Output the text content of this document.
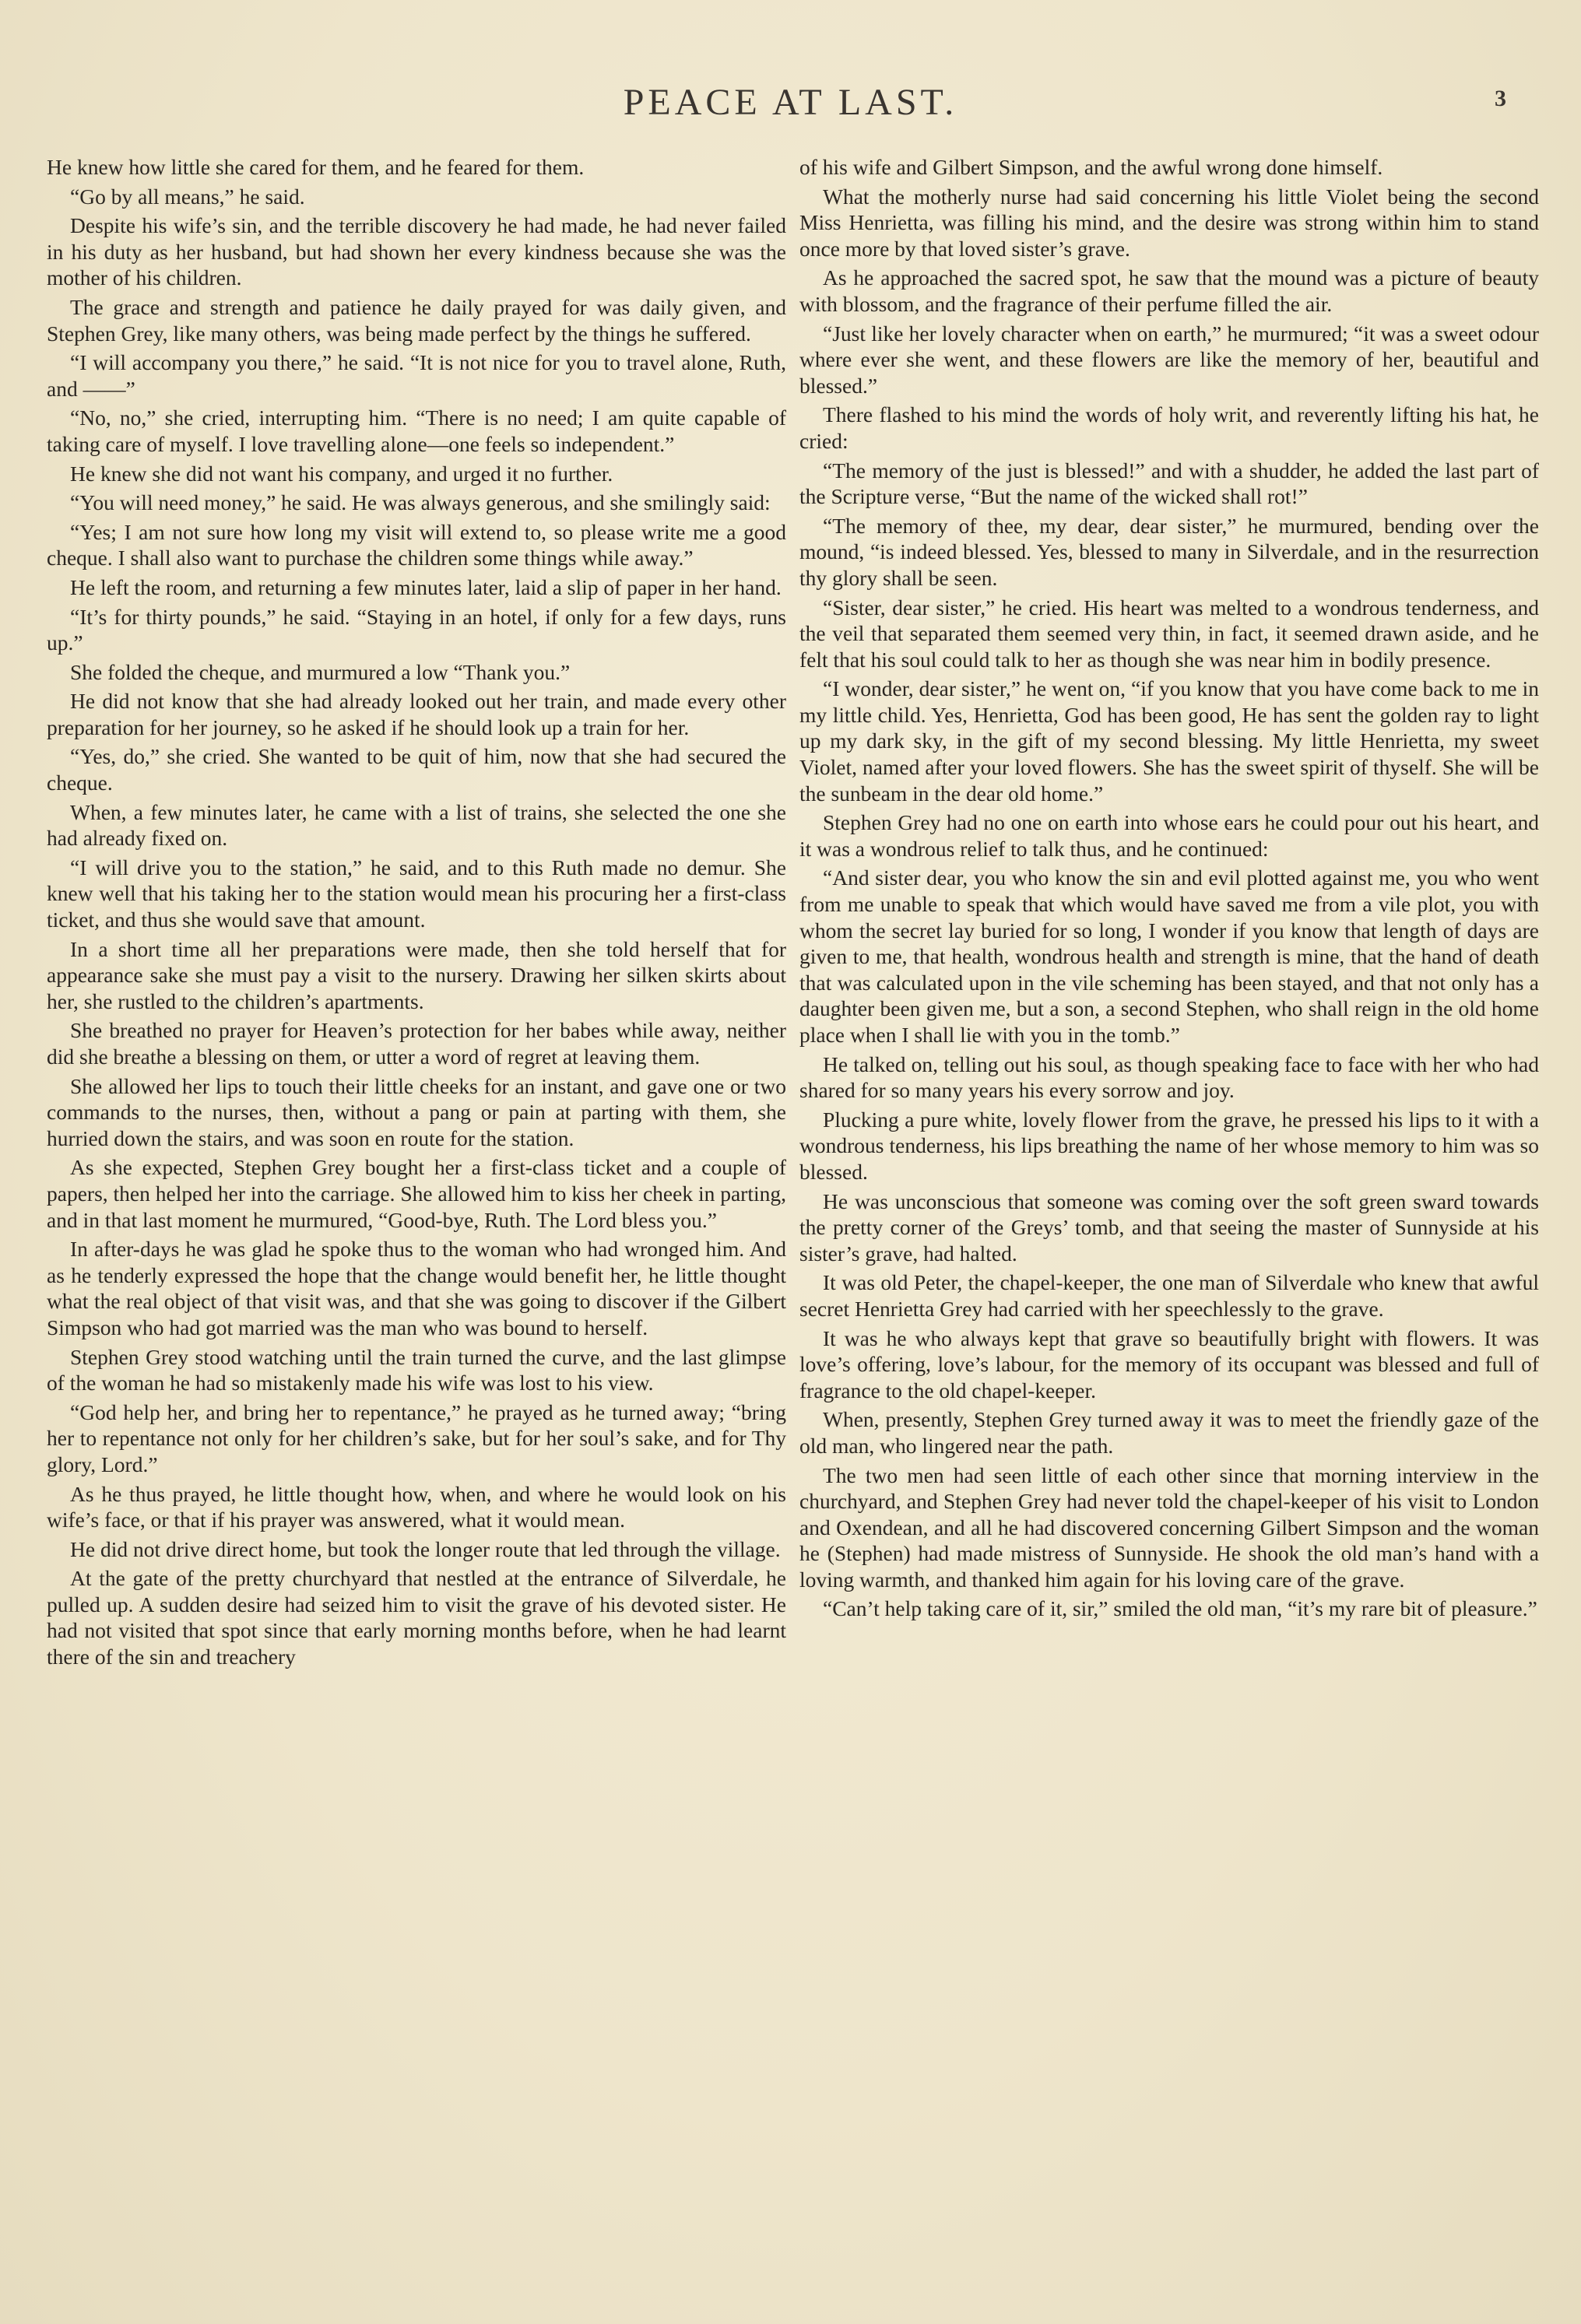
PEACE AT LAST.	3

He knew how little she cared for them, and he feared for them.

“Go by all means,” he said.

Despite his wife’s sin, and the terrible discovery he had made, he had never failed in his duty as her husband, but had shown her every kindness because she was the mother of his children.

The grace and strength and patience he daily prayed for was daily given, and Stephen Grey, like many others, was being made perfect by the things he suffered.

“I will accompany you there,” he said. “It is not nice for you to travel alone, Ruth, and ——”

“No, no,” she cried, interrupting him. “There is no need; I am quite capable of taking care of myself. I love travelling alone—one feels so independent.”

He knew she did not want his company, and urged it no further.

“You will need money,” he said. He was always generous, and she smilingly said:

“Yes; I am not sure how long my visit will extend to, so please write me a good cheque. I shall also want to purchase the children some things while away.”

He left the room, and returning a few minutes later, laid a slip of paper in her hand.

“It’s for thirty pounds,” he said. “Staying in an hotel, if only for a few days, runs up.”

She folded the cheque, and murmured a low “Thank you.”

He did not know that she had already looked out her train, and made every other preparation for her journey, so he asked if he should look up a train for her.

“Yes, do,” she cried. She wanted to be quit of him, now that she had secured the cheque.

When, a few minutes later, he came with a list of trains, she selected the one she had already fixed on.

“I will drive you to the station,” he said, and to this Ruth made no demur. She knew well that his taking her to the station would mean his procuring her a first-class ticket, and thus she would save that amount.

In a short time all her preparations were made, then she told herself that for appearance sake she must pay a visit to the nursery. Drawing her silken skirts about her, she rustled to the children’s apartments.

She breathed no prayer for Heaven’s protection for her babes while away, neither did she breathe a blessing on them, or utter a word of regret at leaving them.

She allowed her lips to touch their little cheeks for an instant, and gave one or two commands to the nurses, then, without a pang or pain at parting with them, she hurried down the stairs, and was soon en route for the station.

As she expected, Stephen Grey bought her a first-class ticket and a couple of papers, then helped her into the carriage. She allowed him to kiss her cheek in parting, and in that last moment he murmured, “Good-bye, Ruth. The Lord bless you.”

In after-days he was glad he spoke thus to the woman who had wronged him. And as he tenderly expressed the hope that the change would benefit her, he little thought what the real object of that visit was, and that she was going to discover if the Gilbert Simpson who had got married was the man who was bound to herself.

Stephen Grey stood watching until the train turned the curve, and the last glimpse of the woman he had so mistakenly made his wife was lost to his view.

“God help her, and bring her to repentance,” he prayed as he turned away; “bring her to repentance not only for her children’s sake, but for her soul’s sake, and for Thy glory, Lord.”

As he thus prayed, he little thought how, when, and where he would look on his wife’s face, or that if his prayer was answered, what it would mean.

He did not drive direct home, but took the longer route that led through the village.

At the gate of the pretty churchyard that nestled at the entrance of Silverdale, he pulled up. A sudden desire had seized him to visit the grave of his devoted sister. He had not visited that spot since that early morning months before, when he had learnt there of the sin and treachery

of his wife and Gilbert Simpson, and the awful wrong done himself.

What the motherly nurse had said concerning his little Violet being the second Miss Henrietta, was filling his mind, and the desire was strong within him to stand once more by that loved sister’s grave.

As he approached the sacred spot, he saw that the mound was a picture of beauty with blossom, and the fragrance of their perfume filled the air.

“Just like her lovely character when on earth,” he murmured; “it was a sweet odour where ever she went, and these flowers are like the memory of her, beautiful and blessed.”

There flashed to his mind the words of holy writ, and reverently lifting his hat, he cried:

“The memory of the just is blessed!” and with a shudder, he added the last part of the Scripture verse, “But the name of the wicked shall rot!”

“The memory of thee, my dear, dear sister,” he murmured, bending over the mound, “is indeed blessed. Yes, blessed to many in Silverdale, and in the resurrection thy glory shall be seen.

“Sister, dear sister,” he cried. His heart was melted to a wondrous tenderness, and the veil that separated them seemed very thin, in fact, it seemed drawn aside, and he felt that his soul could talk to her as though she was near him in bodily presence.

“I wonder, dear sister,” he went on, “if you know that you have come back to me in my little child. Yes, Henrietta, God has been good, He has sent the golden ray to light up my dark sky, in the gift of my second blessing. My little Henrietta, my sweet Violet, named after your loved flowers. She has the sweet spirit of thyself. She will be the sunbeam in the dear old home.”

Stephen Grey had no one on earth into whose ears he could pour out his heart, and it was a wondrous relief to talk thus, and he continued:

“And sister dear, you who know the sin and evil plotted against me, you who went from me unable to speak that which would have saved me from a vile plot, you with whom the secret lay buried for so long, I wonder if you know that length of days are given to me, that health, wondrous health and strength is mine, that the hand of death that was calculated upon in the vile scheming has been stayed, and that not only has a daughter been given me, but a son, a second Stephen, who shall reign in the old home place when I shall lie with you in the tomb.”

He talked on, telling out his soul, as though speaking face to face with her who had shared for so many years his every sorrow and joy.

Plucking a pure white, lovely flower from the grave, he pressed his lips to it with a wondrous tenderness, his lips breathing the name of her whose memory to him was so blessed.

He was unconscious that someone was coming over the soft green sward towards the pretty corner of the Greys’ tomb, and that seeing the master of Sunnyside at his sister’s grave, had halted.

It was old Peter, the chapel-keeper, the one man of Silverdale who knew that awful secret Henrietta Grey had carried with her speechlessly to the grave.

It was he who always kept that grave so beautifully bright with flowers. It was love’s offering, love’s labour, for the memory of its occupant was blessed and full of fragrance to the old chapel-keeper.

When, presently, Stephen Grey turned away it was to meet the friendly gaze of the old man, who lingered near the path.

The two men had seen little of each other since that morning interview in the churchyard, and Stephen Grey had never told the chapel-keeper of his visit to London and Oxendean, and all he had discovered concerning Gilbert Simpson and the woman he (Stephen) had made mistress of Sunnyside. He shook the old man’s hand with a loving warmth, and thanked him again for his loving care of the grave.

“Can’t help taking care of it, sir,” smiled the old man, “it’s my rare bit of pleasure.”
